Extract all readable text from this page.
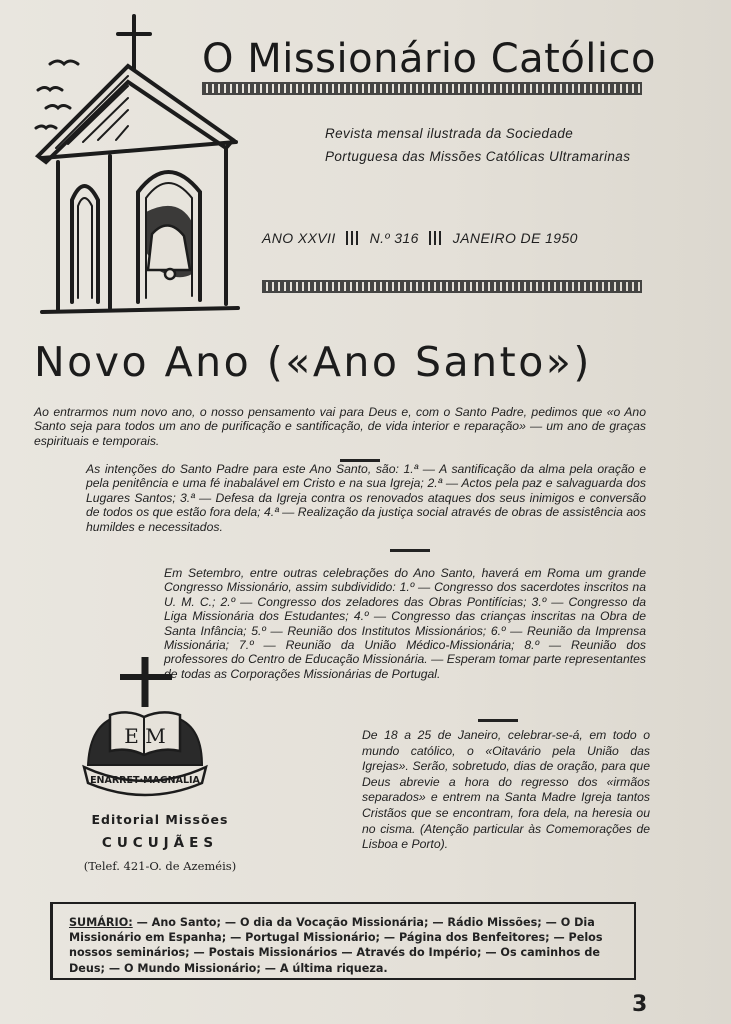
O Missionário Católico
Revista mensal ilustrada da Sociedade Portuguesa das Missões Católicas Ultramarinas
ANO XXVII N.º 316 JANEIRO DE 1950
Novo Ano («Ano Santo»)
Ao entrarmos num novo ano, o nosso pensamento vai para Deus e, com o Santo Padre, pedimos que «o Ano Santo seja para todos um ano de purificação e santificação, de vida interior e reparação» — um ano de graças espirituais e temporais.
As intenções do Santo Padre para este Ano Santo, são: 1.ª — A santificação da alma pela oração e pela penitência e uma fé inabalável em Cristo e na sua Igreja; 2.ª — Actos pela paz e salvaguarda dos Lugares Santos; 3.ª — Defesa da Igreja contra os renovados ataques dos seus inimigos e conversão de todos os que estão fora dela; 4.ª — Realização da justiça social através de obras de assistência aos humildes e necessitados.
Em Setembro, entre outras celebrações do Ano Santo, haverá em Roma um grande Congresso Missionário, assim subdividido: 1.º — Congresso dos sacerdotes inscritos na U. M. C.; 2.º — Congresso dos zeladores das Obras Pontifícias; 3.º — Congresso da Liga Missionária dos Estudantes; 4.º — Congresso das crianças inscritas na Obra de Santa Infância; 5.º — Reunião dos Institutos Missionários; 6.º — Reunião da Imprensa Missionária; 7.º — Reunião da União Médico-Missionária; 8.º — Reunião dos professores do Centro de Educação Missionária. — Esperam tomar parte representantes de todas as Corporações Missionárias de Portugal.
De 18 a 25 de Janeiro, celebrar-se-á, em todo o mundo católico, o «Oitavário pela União das Igrejas». Serão, sobretudo, dias de oração, para que Deus abrevie a hora do regresso dos «irmãos separados» e entrem na Santa Madre Igreja tantos Cristãos que se encontram, fora dela, na heresia ou no cisma. (Atenção particular às Comemorações de Lisboa e Porto).
E M
ENARRET·MAGNALIA
Editorial Missões
CUCUJÃES
(Telef. 421-O. de Azeméis)
SUMÁRIO: — Ano Santo; — O dia da Vocação Missionária; — Rádio Missões; — O Dia Missionário em Espanha; — Portugal Missionário; — Página dos Benfeitores; — Pelos nossos seminários; — Postais Missionários — Através do Império; — Os caminhos de Deus; — O Mundo Missionário; — A última riqueza.
3
